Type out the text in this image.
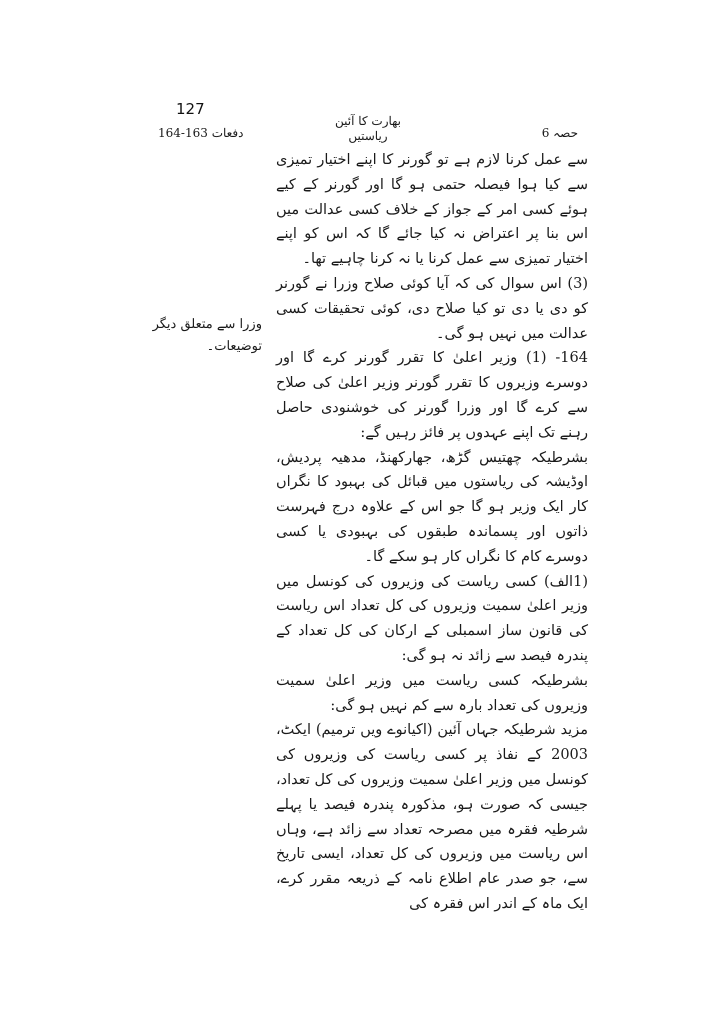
127
حصہ 6
بھارت کا آئین
ریاستیں
دفعات 163-164
وزرا سے متعلق دیگر توضیعات۔

سے عمل کرنا لازم ہے تو گورنر کا اپنے اختیار تمیزی سے کیا ہوا فیصلہ حتمی ہو گا اور گورنر کے کیے ہوئے کسی امر کے جواز کے خلاف کسی عدالت میں اس بنا پر اعتراض نہ کیا جائے گا کہ اس کو اپنے اختیار تمیزی سے عمل کرنا یا نہ کرنا چاہیے تھا۔

(3) اس سوال کی کہ آیا کوئی صلاح وزرا نے گورنر کو دی یا دی تو کیا صلاح دی، کوئی تحقیقات کسی عدالت میں نہیں ہو گی۔

164- (1) وزیر اعلیٰ کا تقرر گورنر کرے گا اور دوسرے وزیروں کا تقرر گورنر وزیر اعلیٰ کی صلاح سے کرے گا اور وزرا گورنر کی خوشنودی حاصل رہنے تک اپنے عہدوں پر فائز رہیں گے:

بشرطیکہ چھتیس گڑھ، جھارکھنڈ، مدھیہ پردیش، اوڈیشہ کی ریاستوں میں قبائل کی بہبود کا نگراں کار ایک وزیر ہو گا جو اس کے علاوہ درج فہرست ذاتوں اور پسماندہ طبقوں کی بہبودی یا کسی دوسرے کام کا نگراں کار ہو سکے گا۔

(1الف) کسی ریاست کی وزیروں کی کونسل میں وزیر اعلیٰ سمیت وزیروں کی کل تعداد اس ریاست کی قانون ساز اسمبلی کے ارکان کی کل تعداد کے پندرہ فیصد سے زائد نہ ہو گی:

بشرطیکہ کسی ریاست میں وزیر اعلیٰ سمیت وزیروں کی تعداد بارہ سے کم نہیں ہو گی:

مزید شرطیکہ جہاں آئین (اکیانوے ویں ترمیم) ایکٹ، 2003 کے نفاذ پر کسی ریاست کی وزیروں کی کونسل میں وزیر اعلیٰ سمیت وزیروں کی کل تعداد، جیسی کہ صورت ہو، مذکورہ پندرہ فیصد یا پہلے شرطیہ فقرہ میں مصرحہ تعداد سے زائد ہے، وہاں اس ریاست میں وزیروں کی کل تعداد، ایسی تاریخ سے، جو صدر عام اطلاع نامہ کے ذریعہ مقرر کرے، ایک ماہ کے اندر اس فقرہ کی
